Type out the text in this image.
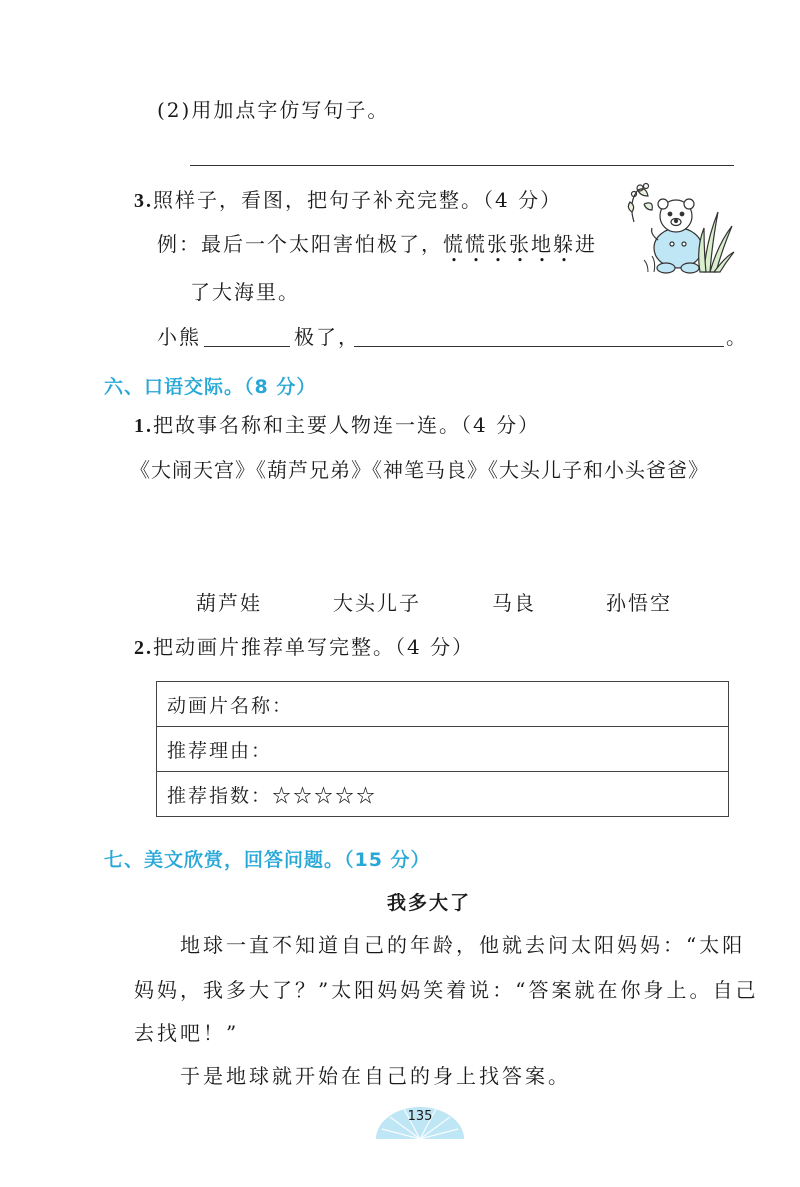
(2)用加点字仿写句子。
3.照样子，看图，把句子补充完整。（4 分）
例：最后一个太阳害怕极了，慌慌张张地躲进
了大海里。
小熊	极了，	。
六、口语交际。（8 分）
1.把故事名称和主要人物连一连。（4 分）
《大闹天宫》《葫芦兄弟》《神笔马良》《大头儿子和小头爸爸》
葫芦娃	大头儿子	马良	孙悟空
2.把动画片推荐单写完整。（4 分）
动画片名称：
推荐理由：
推荐指数：☆☆☆☆☆
七、美文欣赏，回答问题。（15 分）
我多大了
地球一直不知道自己的年龄，他就去问太阳妈妈：“太阳
妈妈，我多大了？”太阳妈妈笑着说：“答案就在你身上。自己
去找吧！”
于是地球就开始在自己的身上找答案。
135
